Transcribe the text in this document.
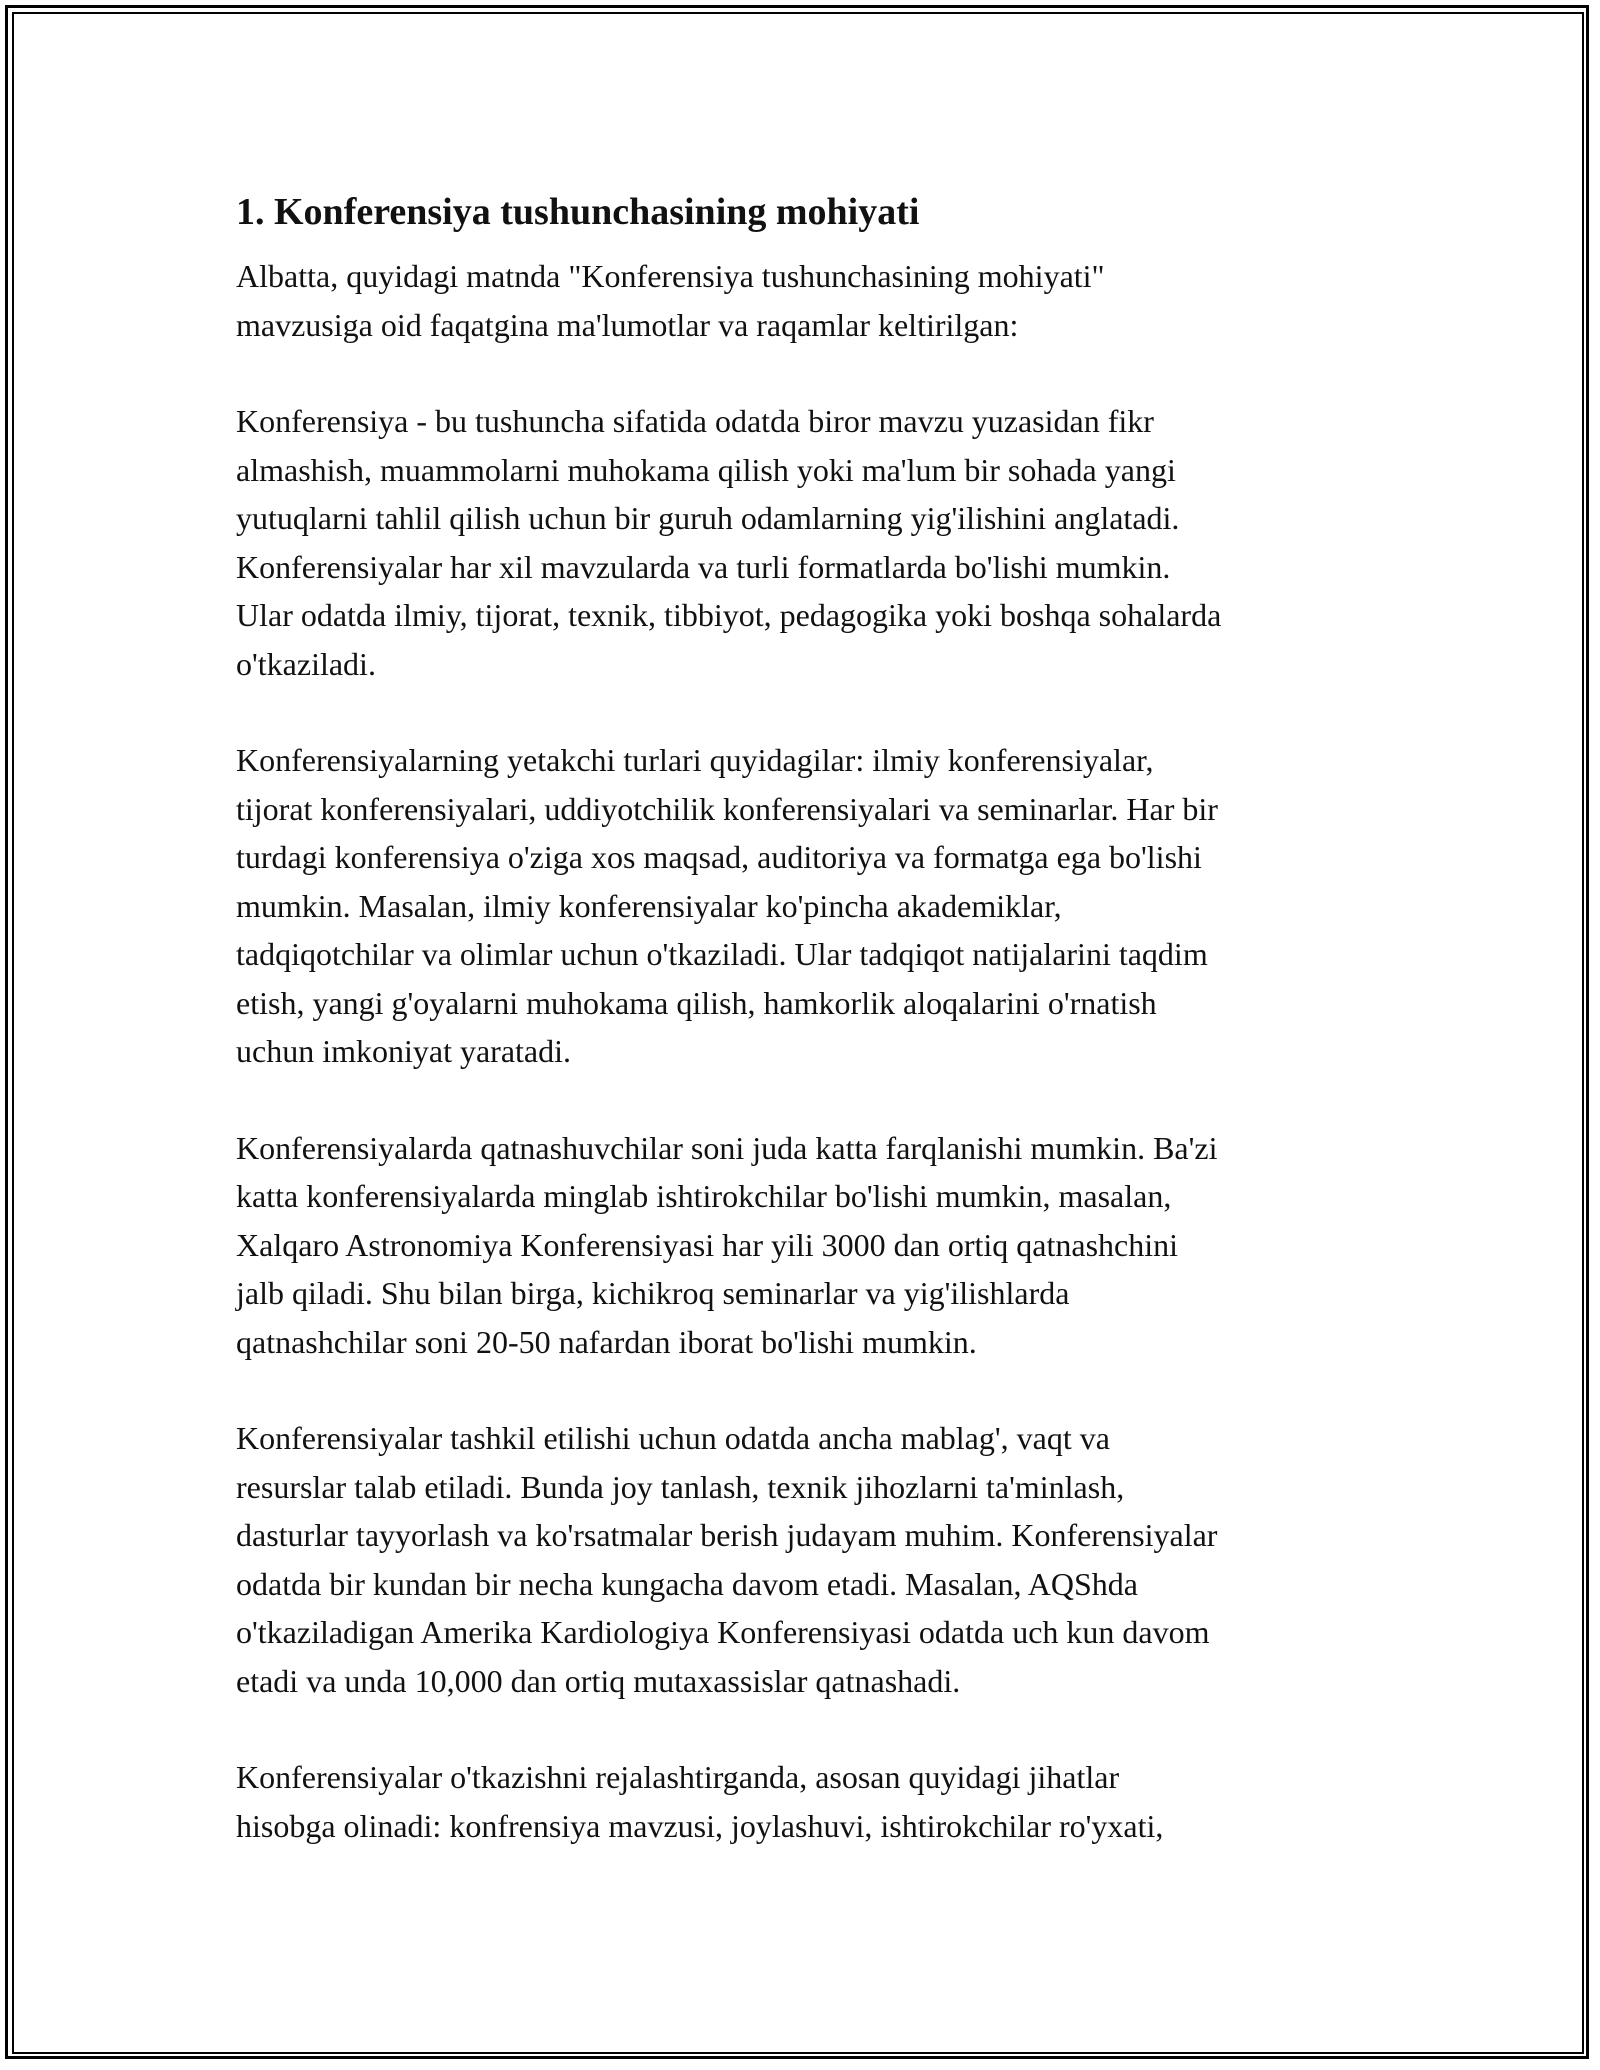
1. Konferensiya tushunchasining mohiyati

Albatta, quyidagi matnda "Konferensiya tushunchasining mohiyati"
mavzusiga oid faqatgina ma'lumotlar va raqamlar keltirilgan:

Konferensiya - bu tushuncha sifatida odatda biror mavzu yuzasidan fikr
almashish, muammolarni muhokama qilish yoki ma'lum bir sohada yangi
yutuqlarni tahlil qilish uchun bir guruh odamlarning yig'ilishini anglatadi.
Konferensiyalar har xil mavzularda va turli formatlarda bo'lishi mumkin.
Ular odatda ilmiy, tijorat, texnik, tibbiyot, pedagogika yoki boshqa sohalarda
o'tkaziladi.

Konferensiyalarning yetakchi turlari quyidagilar: ilmiy konferensiyalar,
tijorat konferensiyalari, uddiyotchilik konferensiyalari va seminarlar. Har bir
turdagi konferensiya o'ziga xos maqsad, auditoriya va formatga ega bo'lishi
mumkin. Masalan, ilmiy konferensiyalar ko'pincha akademiklar,
tadqiqotchilar va olimlar uchun o'tkaziladi. Ular tadqiqot natijalarini taqdim
etish, yangi g'oyalarni muhokama qilish, hamkorlik aloqalarini o'rnatish
uchun imkoniyat yaratadi.

Konferensiyalarda qatnashuvchilar soni juda katta farqlanishi mumkin. Ba'zi
katta konferensiyalarda minglab ishtirokchilar bo'lishi mumkin, masalan,
Xalqaro Astronomiya Konferensiyasi har yili 3000 dan ortiq qatnashchini
jalb qiladi. Shu bilan birga, kichikroq seminarlar va yig'ilishlarda
qatnashchilar soni 20-50 nafardan iborat bo'lishi mumkin.

Konferensiyalar tashkil etilishi uchun odatda ancha mablag', vaqt va
resurslar talab etiladi. Bunda joy tanlash, texnik jihozlarni ta'minlash,
dasturlar tayyorlash va ko'rsatmalar berish judayam muhim. Konferensiyalar
odatda bir kundan bir necha kungacha davom etadi. Masalan, AQShda
o'tkaziladigan Amerika Kardiologiya Konferensiyasi odatda uch kun davom
etadi va unda 10,000 dan ortiq mutaxassislar qatnashadi.

Konferensiyalar o'tkazishni rejalashtirganda, asosan quyidagi jihatlar
hisobga olinadi: konfrensiya mavzusi, joylashuvi, ishtirokchilar ro'yxati,
